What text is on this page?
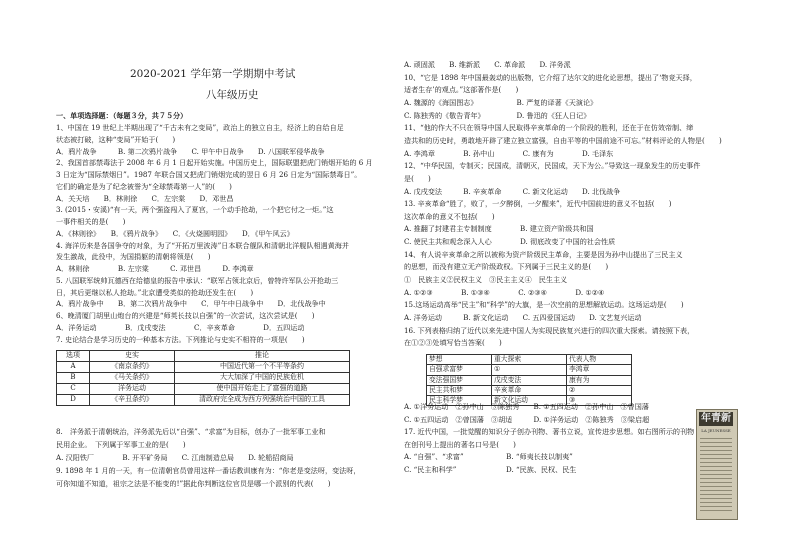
2020-2021 学年第一学期期中考试
八年级历史
一、单项选择题：（每题３分，共７５分）
1、中国在 19 世纪上半期出现了“千古未有之变局”，政治上的独立自主，经济上的自给自足
状态被打破，这种“变局”开始于(　　)
A．鸦片战争　　　B. 第二次鸦片战争　　C. 甲午中日战争　　D. 八国联军侵华战争
2、我国首部禁毒法于 2008 年 6 月 1 日起开始实施。中国历史上，国际联盟把虎门销烟开始的 6 月
3 日定为“国际禁烟日”。1987 年联合国又把虎门销烟完成的翌日 6 月 26 日定为“国际禁毒日”。
它们的确定是为了纪念被誉为“全球禁毒第一人”的(　　)
A．关天培　　B．林则徐　　C．左宗棠　　D．邓世昌
3. (2015・安溪)“有一天，两个强盗闯入了夏宫，一个动手抢劫，一个把它付之一炬。”这
一事件相关的是(　　)
A．《林则徐》　　B．《鸦片战争》　　C．《火烧圆明园》　　D．《甲午风云》
4. 海洋历来是各国争夺的对象，为了“开拓万里波涛”日本联合舰队和清朝北洋舰队相遇黄海并
发生激战，此役中，为国捐躯的清朝将领是(　　)
A．林则徐　　　　B. 左宗棠　　　C. 邓世昌　　　D. 李鸿章
5. 八国联军统帅瓦德西在给德皇的报告中承认：“联军占领北京后，曾特许军队公开抢劫三
日，其后更继以私人抢劫。”北京遭受类似的抢劫还发生在(　　)
A．鸦片战争中　　B．第二次鸦片战争中　　C．甲午中日战争中　　D．北伐战争中
6、晚清厦门胡里山炮台的兴建是“师英长技以自强”的一次尝试，这次尝试是(　　)
A．洋务运动　　　　B．戊戌变法　　　　C．辛亥革命　　　　D．五四运动
7. 史论结合是学习历史的一种基本方法。下列推论与史实不相符的一项是(　　)
选项	史实	推论
A	《南京条约》	中国近代第一个不平等条约
B	《马关条约》	大大加深了中国的民族危机
C	洋务运动	使中国开始走上了富强的道路
D	《辛丑条约》	清政府完全成为西方列强统治中国的工具
8.　洋务派于清朝统治，洋务派先后以“自强”、“求富”为目标，创办了一批军事工业和
民用企业。　下列属于军事工业的是(　　)
A. 汉阳铁厂　　　　B. 开平矿务局　　C. 江南制造总局　　D. 轮船招商局
9. 1898 年 1 月的一天，有一位清朝官员曾用这样一番话教训康有为：“你老是变法呀，变法呀，
可你知道不知道，祖宗之法是不能变的!”据此你判断这位官员是哪一个派别的代表(　　)
A. 顽固派　　B. 维新派　　C. 革命派　　D. 洋务派
10、“它是 1898 年中国最轰动的出版物，它介绍了达尔文的进化论思想，提出了‘物竞天择，
适者生存’的观点。”这部著作是(　　)
A. 魏源的《海国图志》　　　　　　B. 严复的译著《天演论》
C. 陈独秀的《敬告青年》　　　　　D. 鲁迅的《狂人日记》
11、“他的作大不只在领导中国人民取得辛亥革命的一个阶段的胜利，还在于在仿效帝制、缔
造共和的历史时，勇敢地开辟了建立独立富强，自由平等的中国前途不可忘。”材料评论的人物是(　　)
A. 李鸿章　　　　B. 孙中山　　　　C. 康有为　　　　D. 毛泽东
12、“中华民国，专制灭；民国成，清朝灭，民国成，天下为公。”导致这一现象发生的历史事件
是(　　)
A. 戊戌变法　　　B. 辛亥革命　　　C. 新文化运动　　D. 北伐战争
13. 辛亥革命“胜了，败了，一夕醉倒，一夕醒来”，近代中国前进的意义不包括(　　)
这次革命的意义不包括(　　)
A. 推翻了封建君主专制制度　　　　B. 建立资产阶级共和国
C. 使民主共和观念深入人心　　　　D. 彻底改变了中国的社会性质
14、有人说辛亥革命之所以被称为资产阶级民主革命，主要是因为孙中山提出了三民主义
的思想，而没有建立无产阶级政权。下列属于三民主义的是(　　)
①　民族主义②民权主义　③民主主义④　民生主义
A. ①②③　　　　B. ①③④　　　　C. ②③④　　　　D. ①②④
15.这场运动高举“民主”和“科学”的大旗，是一次空前的思想解放运动。这场运动是(　　)
A. 洋务运动　　　B. 新文化运动　　C. 五四爱国运动　　D. 文艺复兴运动
16. 下列表格归纳了近代以来先进中国人为实现民族复兴进行的四次重大探索。请按照下表，
在①②③处填写恰当答案(　　)
梦想	重大探索	代表人物
自强求富梦	①	李鸿章
变法强国梦	戊戌变法	康有为
民主共和梦	辛亥革命	②
民主科学梦	新文化运动	③
A. ①洋务运动　②孙中山　③陈独秀　　B. ①五四运动　②孙中山　③曾国藩
C. ①五四运动　②曾国藩　③胡适　　　D. ①洋务运动　②陈独秀　③梁启超
17. 近代中国，一批觉醒的知识分子创办刊物、著书立说，宣传进步思想。如右图所示的刊物
在创刊号上提出的著名口号是(　　)
A. “自强”、“求富”　　　　　　B. “师夷长技以制夷”
C. “民主和科学”　　　　　　　D. “民族、民权、民生
年青新
LA JEUNESSE
